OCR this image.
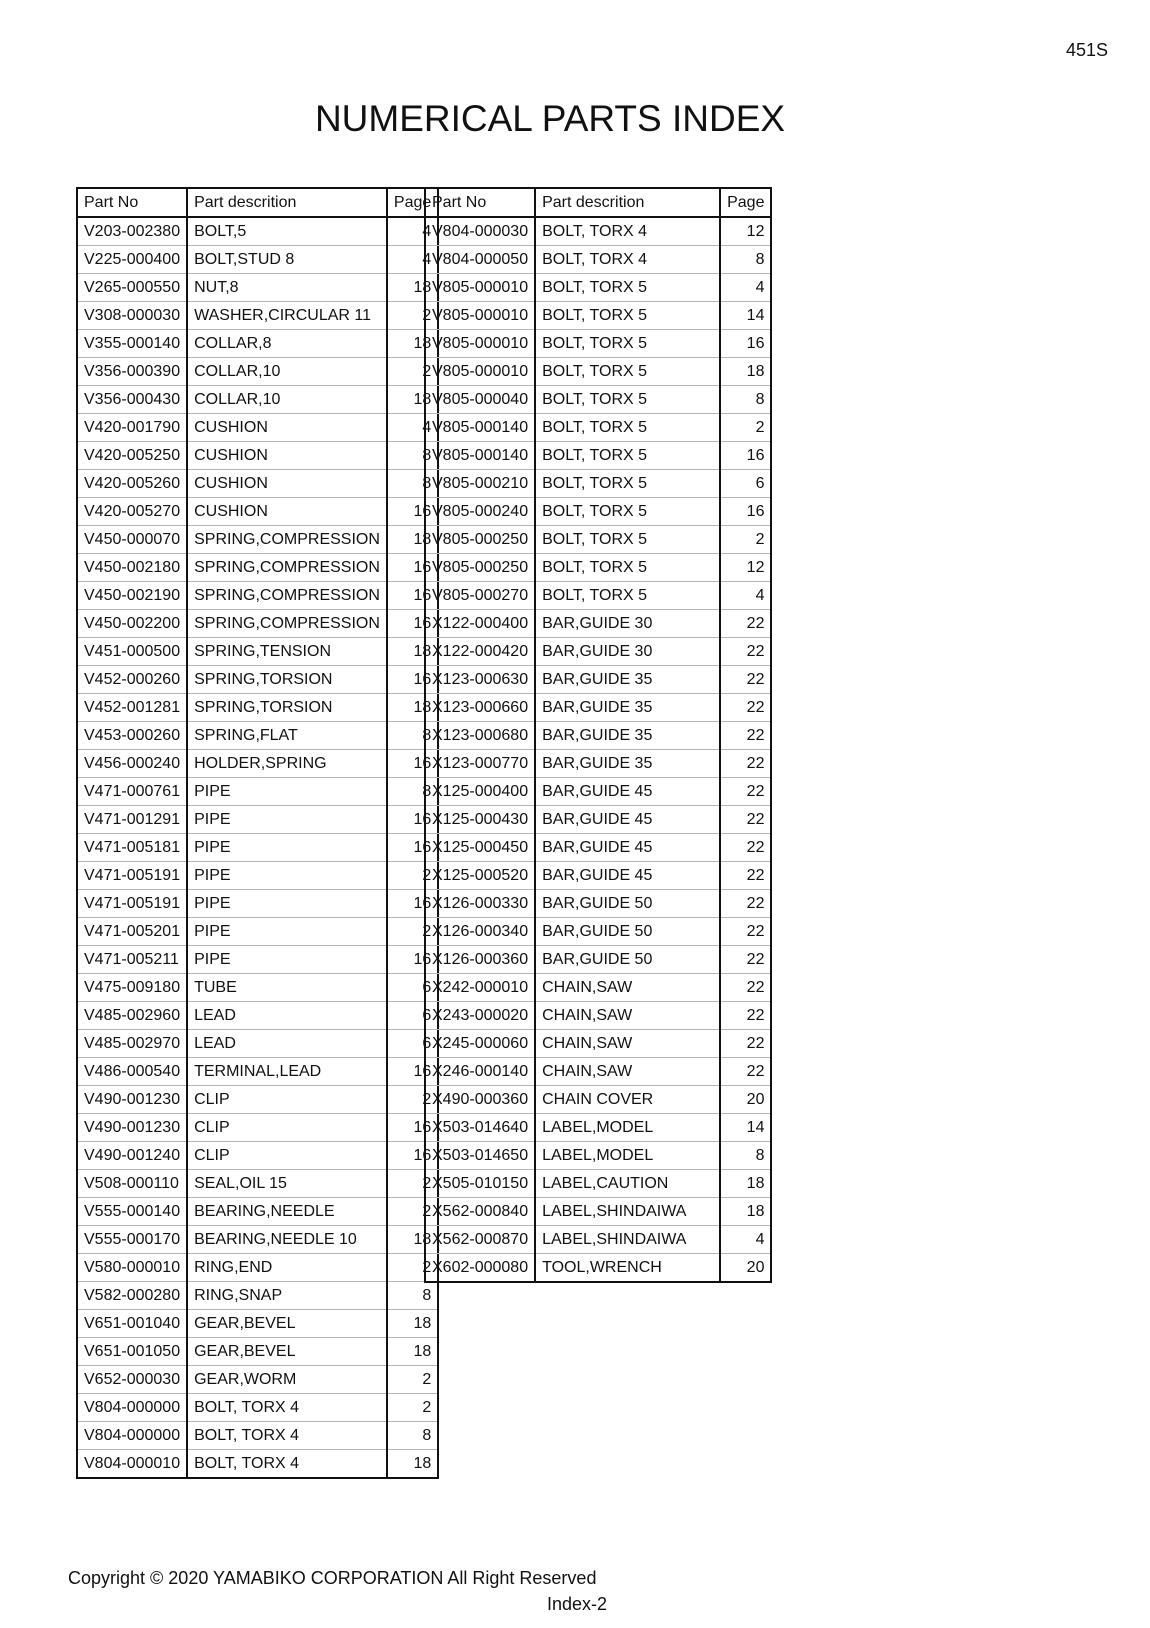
451S
NUMERICAL PARTS INDEX
Part No	Part descrition	Page
V203-002380	BOLT,5	4
V225-000400	BOLT,STUD 8	4
V265-000550	NUT,8	18
V308-000030	WASHER,CIRCULAR 11	2
V355-000140	COLLAR,8	18
V356-000390	COLLAR,10	2
V356-000430	COLLAR,10	18
V420-001790	CUSHION	4
V420-005250	CUSHION	8
V420-005260	CUSHION	8
V420-005270	CUSHION	16
V450-000070	SPRING,COMPRESSION	18
V450-002180	SPRING,COMPRESSION	16
V450-002190	SPRING,COMPRESSION	16
V450-002200	SPRING,COMPRESSION	16
V451-000500	SPRING,TENSION	18
V452-000260	SPRING,TORSION	16
V452-001281	SPRING,TORSION	18
V453-000260	SPRING,FLAT	8
V456-000240	HOLDER,SPRING	16
V471-000761	PIPE	8
V471-001291	PIPE	16
V471-005181	PIPE	16
V471-005191	PIPE	2
V471-005191	PIPE	16
V471-005201	PIPE	2
V471-005211	PIPE	16
V475-009180	TUBE	6
V485-002960	LEAD	6
V485-002970	LEAD	6
V486-000540	TERMINAL,LEAD	16
V490-001230	CLIP	2
V490-001230	CLIP	16
V490-001240	CLIP	16
V508-000110	SEAL,OIL 15	2
V555-000140	BEARING,NEEDLE	2
V555-000170	BEARING,NEEDLE 10	18
V580-000010	RING,END	2
V582-000280	RING,SNAP	8
V651-001040	GEAR,BEVEL	18
V651-001050	GEAR,BEVEL	18
V652-000030	GEAR,WORM	2
V804-000000	BOLT, TORX 4	2
V804-000000	BOLT, TORX 4	8
V804-000010	BOLT, TORX 4	18
Part No	Part descrition	Page
V804-000030	BOLT, TORX 4	12
V804-000050	BOLT, TORX 4	8
V805-000010	BOLT, TORX 5	4
V805-000010	BOLT, TORX 5	14
V805-000010	BOLT, TORX 5	16
V805-000010	BOLT, TORX 5	18
V805-000040	BOLT, TORX 5	8
V805-000140	BOLT, TORX 5	2
V805-000140	BOLT, TORX 5	16
V805-000210	BOLT, TORX 5	6
V805-000240	BOLT, TORX 5	16
V805-000250	BOLT, TORX 5	2
V805-000250	BOLT, TORX 5	12
V805-000270	BOLT, TORX 5	4
X122-000400	BAR,GUIDE 30	22
X122-000420	BAR,GUIDE 30	22
X123-000630	BAR,GUIDE 35	22
X123-000660	BAR,GUIDE 35	22
X123-000680	BAR,GUIDE 35	22
X123-000770	BAR,GUIDE 35	22
X125-000400	BAR,GUIDE 45	22
X125-000430	BAR,GUIDE 45	22
X125-000450	BAR,GUIDE 45	22
X125-000520	BAR,GUIDE 45	22
X126-000330	BAR,GUIDE 50	22
X126-000340	BAR,GUIDE 50	22
X126-000360	BAR,GUIDE 50	22
X242-000010	CHAIN,SAW	22
X243-000020	CHAIN,SAW	22
X245-000060	CHAIN,SAW	22
X246-000140	CHAIN,SAW	22
X490-000360	CHAIN COVER	20
X503-014640	LABEL,MODEL	14
X503-014650	LABEL,MODEL	8
X505-010150	LABEL,CAUTION	18
X562-000840	LABEL,SHINDAIWA	18
X562-000870	LABEL,SHINDAIWA	4
X602-000080	TOOL,WRENCH	20
Copyright © 2020 YAMABIKO CORPORATION All Right Reserved
Index-2
